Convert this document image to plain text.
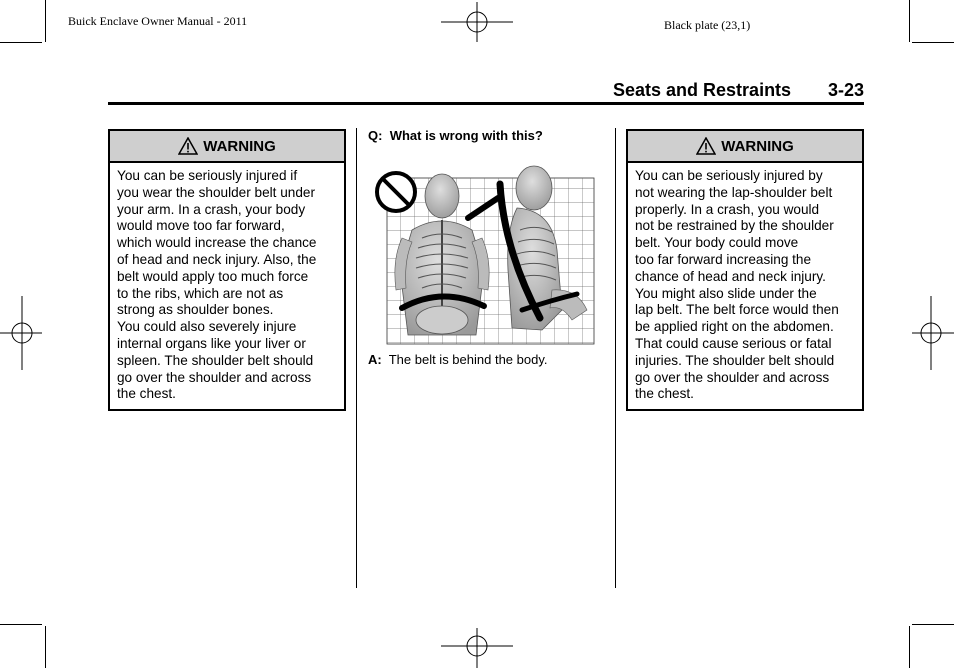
Buick Enclave Owner Manual - 2011	Black plate (23,1)
Seats and Restraints 3-23
WARNING
You can be seriously injured if
you wear the shoulder belt under
your arm. In a crash, your body
would move too far forward,
which would increase the chance
of head and neck injury. Also, the
belt would apply too much force
to the ribs, which are not as
strong as shoulder bones.
You could also severely injure
internal organs like your liver or
spleen. The shoulder belt should
go over the shoulder and across
the chest.
Q: What is wrong with this?
A: The belt is behind the body.
WARNING
You can be seriously injured by
not wearing the lap-shoulder belt
properly. In a crash, you would
not be restrained by the shoulder
belt. Your body could move
too far forward increasing the
chance of head and neck injury.
You might also slide under the
lap belt. The belt force would then
be applied right on the abdomen.
That could cause serious or fatal
injuries. The shoulder belt should
go over the shoulder and across
the chest.
